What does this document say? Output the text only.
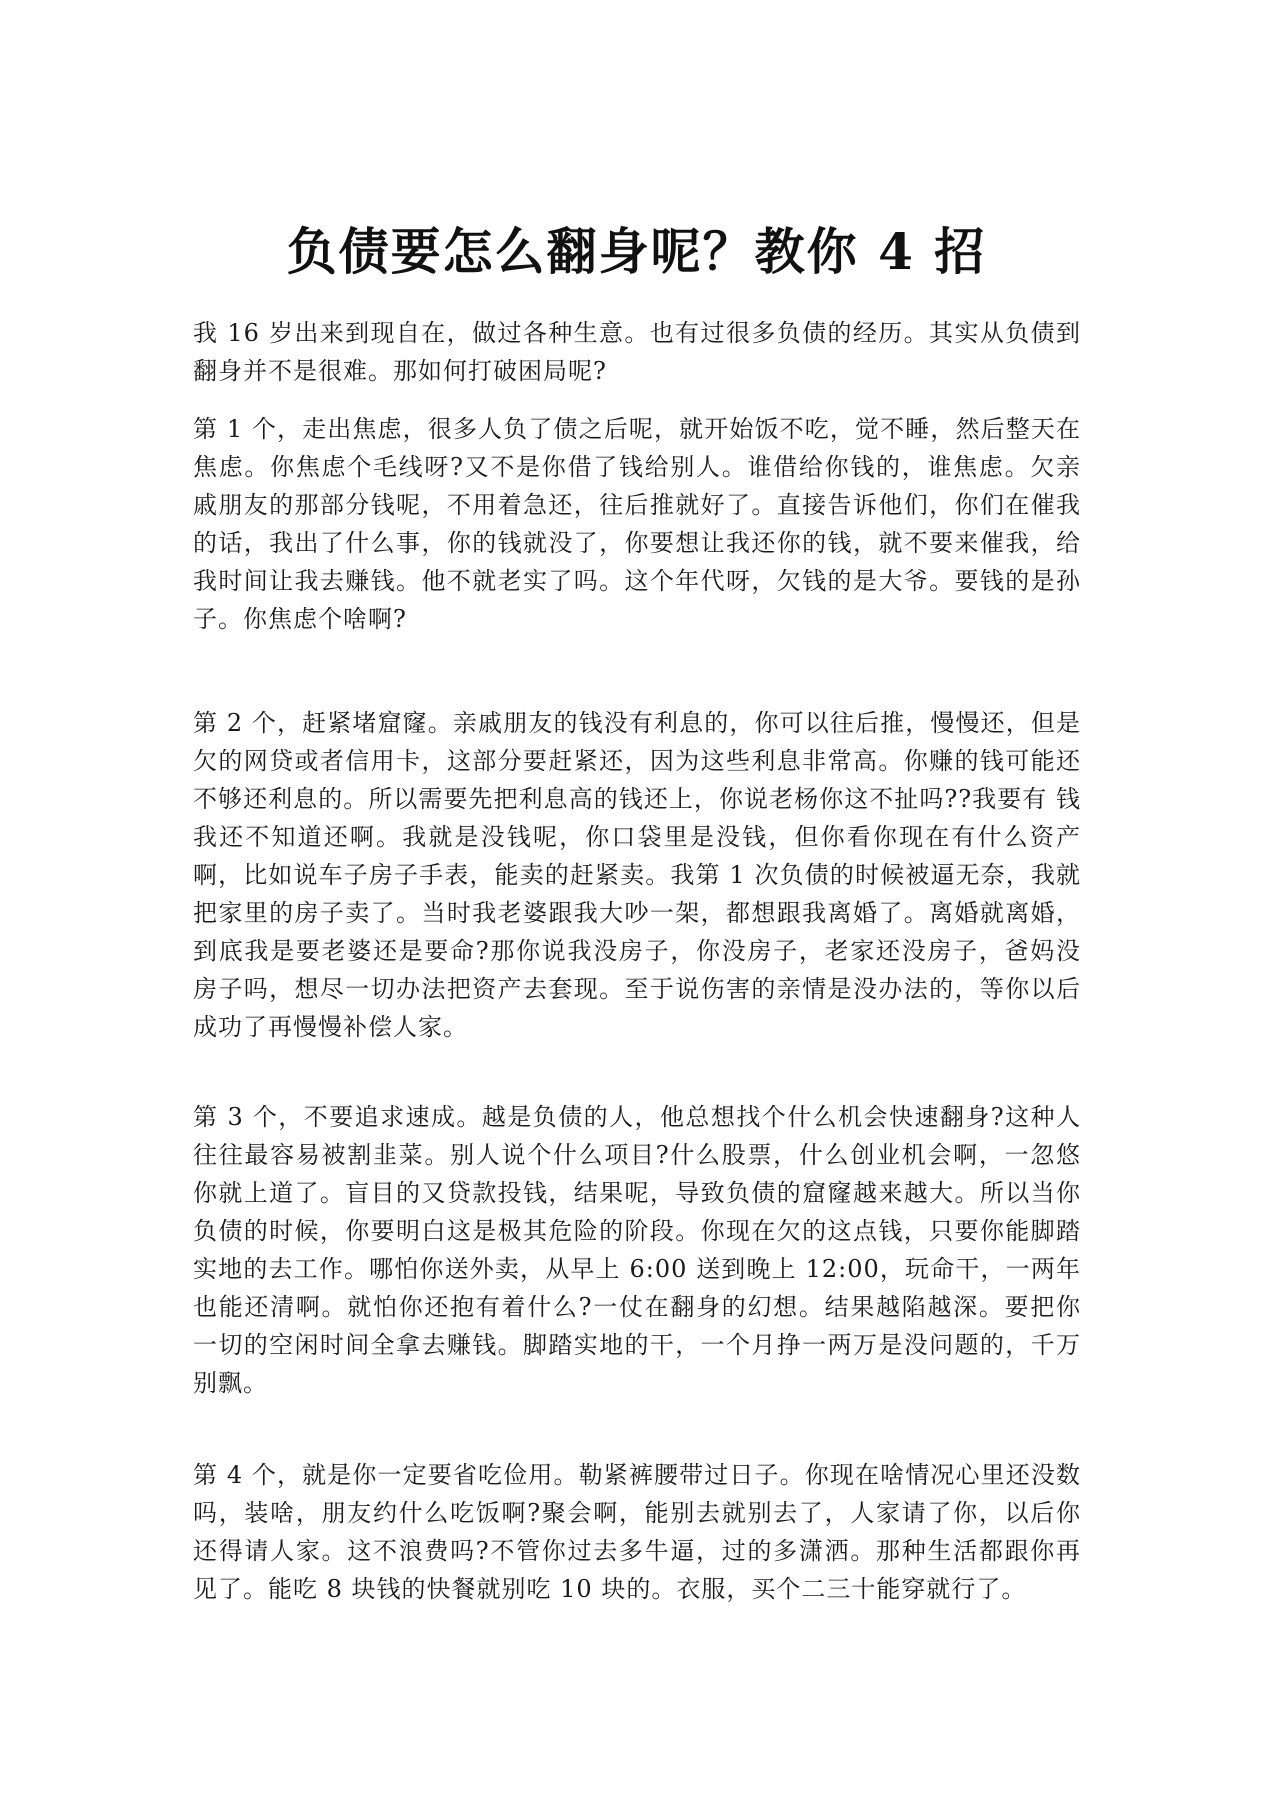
负债要怎么翻身呢？教你 4 招

我 16 岁出来到现自在，做过各种生意。也有过很多负债的经历。其实从负债到翻身并不是很难。那如何打破困局呢?

第 1 个，走出焦虑，很多人负了债之后呢，就开始饭不吃，觉不睡，然后整天在 焦虑。你焦虑个毛线呀?又不是你借了钱给别人。谁借给你钱的，谁焦虑。欠亲 戚朋友的那部分钱呢，不用着急还，往后推就好了。直接告诉他们，你们在催我 的话，我出了什么事，你的钱就没了，你要想让我还你的钱，就不要来催我，给 我时间让我去赚钱。他不就老实了吗。这个年代呀，欠钱的是大爷。要钱的是孙 子。你焦虑个啥啊?

第 2 个，赶紧堵窟窿。亲戚朋友的钱没有利息的，你可以往后推，慢慢还，但是 欠的网贷或者信用卡，这部分要赶紧还，因为这些利息非常高。你赚的钱可能还 不够还利息的。所以需要先把利息高的钱还上，你说老杨你这不扯吗??我要有 钱我还不知道还啊。我就是没钱呢，你口袋里是没钱，但你看你现在有什么资产 啊，比如说车子房子手表，能卖的赶紧卖。我第 1 次负债的时候被逼无奈，我就 把家里的房子卖了。当时我老婆跟我大吵一架，都想跟我离婚了。离婚就离婚， 到底我是要老婆还是要命?那你说我没房子，你没房子，老家还没房子，爸妈没 房子吗，想尽一切办法把资产去套现。至于说伤害的亲情是没办法的，等你以后 成功了再慢慢补偿人家。

第 3 个，不要追求速成。越是负债的人，他总想找个什么机会快速翻身?这种人往往最容易被割韭菜。别人说个什么项目?什么股票，什么创业机会啊，一忽悠 你就上道了。盲目的又贷款投钱，结果呢，导致负债的窟窿越来越大。所以当你 负债的时候，你要明白这是极其危险的阶段。你现在欠的这点钱，只要你能脚踏 实地的去工作。哪怕你送外卖，从早上 6:00 送到晚上 12:00，玩命干，一两年也能还清啊。就怕你还抱有着什么?一仗在翻身的幻想。结果越陷越深。要把你 一切的空闲时间全拿去赚钱。脚踏实地的干，一个月挣一两万是没问题的，千万 别飘。

第 4 个，就是你一定要省吃俭用。勒紧裤腰带过日子。你现在啥情况心里还没数 吗，装啥，朋友约什么吃饭啊?聚会啊，能别去就别去了，人家请了你，以后你 还得请人家。这不浪费吗?不管你过去多牛逼，过的多潇洒。那种生活都跟你再 见了。能吃 8 块钱的快餐就别吃 10 块的。衣服，买个二三十能穿就行了。
